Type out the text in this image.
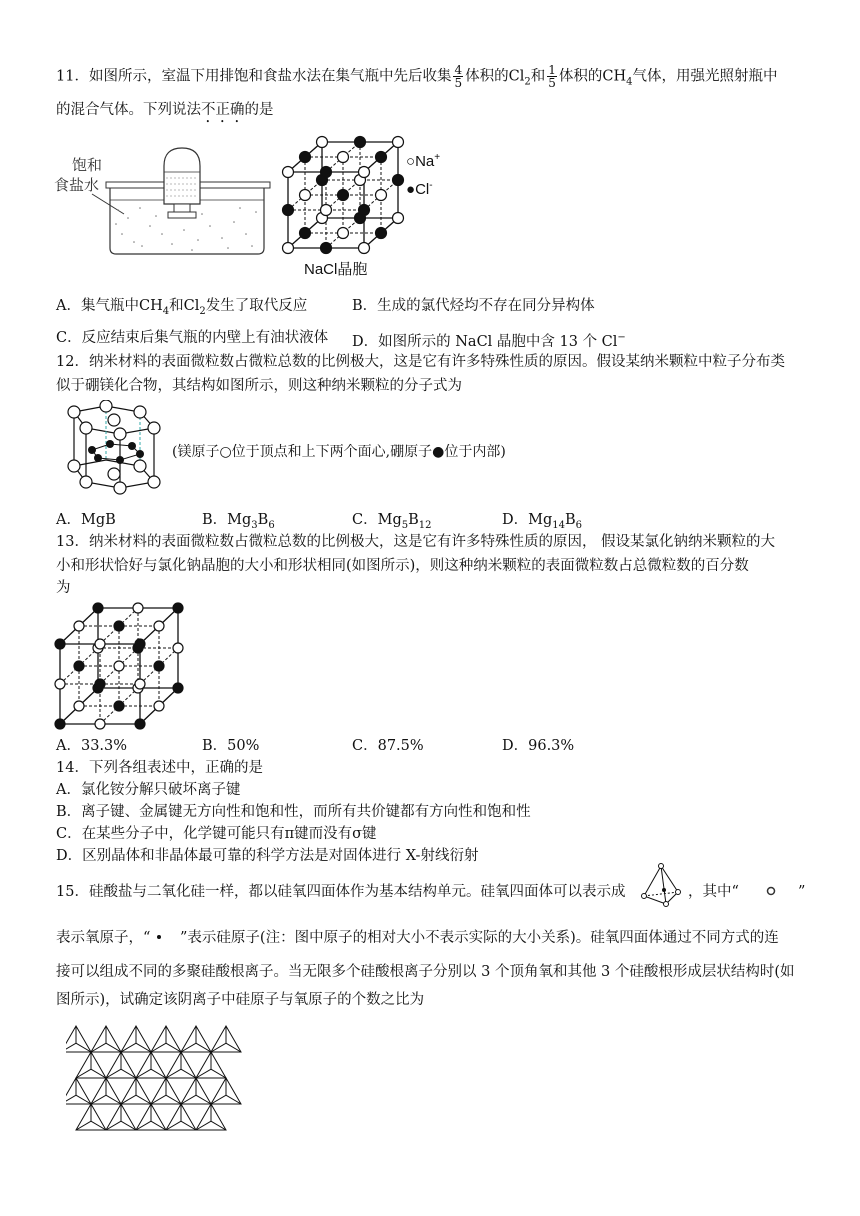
11．如图所示，室温下用排饱和食盐水法在集气瓶中先后收集 $\frac{4}{5}$ 体积的$Cl_2$和 $\frac{1}{5}$ 体积的$CH_4$气体，用强光照射瓶中
的混合气体。下列说法不正确的是
饱和
食盐水
○Na+
●Cl-
NaCl晶胞
A．集气瓶中$CH_4$和$Cl_2$发生了取代反应	B．生成的氯代烃均不存在同分异构体
C．反应结束后集气瓶的内壁上有油状液体 D．如图所示的 NaCl 晶胞中含 13 个 Cl−
12．纳米材料的表面微粒数占微粒总数的比例极大，这是它有许多特殊性质的原因。假设某纳米颗粒中粒子分布类
似于硼镁化合物，其结构如图所示，则这种纳米颗粒的分子式为
(镁原子○位于顶点和上下两个面心,硼原子●位于内部)
A．MgB	B．$Mg_3B_6$	C．$Mg_5B_{12}$	D．$Mg_{14}B_6$
13．纳米材料的表面微粒数占微粒总数的比例极大，这是它有许多特殊性质的原因， 假设某氯化钠纳米颗粒的大
小和形状恰好与氯化钠晶胞的大小和形状相同(如图所示)，则这种纳米颗粒的表面微粒数占总微粒数的百分数
为
A．33.3%	B．50%	C．87.5%	D．96.3%
14．下列各组表述中，正确的是
A．氯化铵分解只破坏离子键
B．离子键、金属键无方向性和饱和性，而所有共价键都有方向性和饱和性
C．在某些分子中，化学键可能只有π键而没有σ键
D．区别晶体和非晶体最可靠的科学方法是对固体进行 X-射线衍射
15．硅酸盐与二氧化硅一样，都以硅氧四面体作为基本结构单元。硅氧四面体可以表示成	，其中“	”
表示氧原子，“ ”表示硅原子(注：图中原子的相对大小不表示实际的大小关系)。硅氧四面体通过不同方式的连
接可以组成不同的多聚硅酸根离子。当无限多个硅酸根离子分别以 3 个顶角氧和其他 3 个硅酸根形成层状结构时(如
图所示)，试确定该阴离子中硅原子与氧原子的个数之比为
